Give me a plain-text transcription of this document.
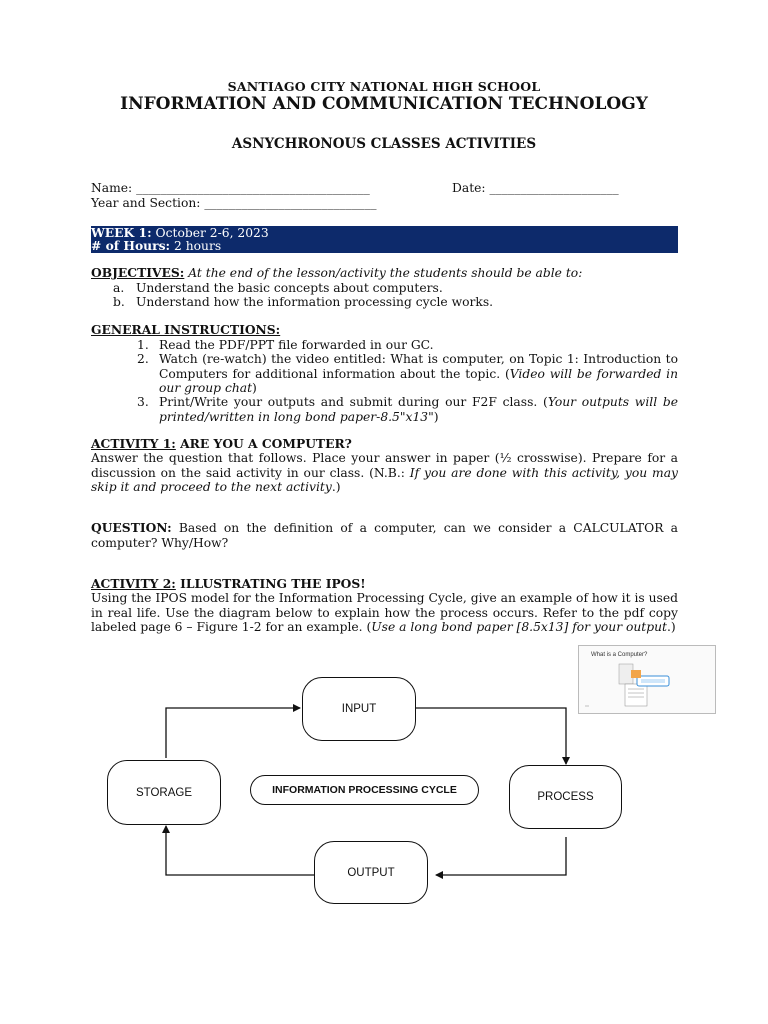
SANTIAGO CITY NATIONAL HIGH SCHOOL
INFORMATION AND COMMUNICATION TECHNOLOGY
ASNYCHRONOUS CLASSES ACTIVITIES
Name: ______________________________________	Date: _____________________
Year and Section: ____________________________
WEEK 1: October 2-6, 2023
# of Hours: 2 hours
OBJECTIVES: At the end of the lesson/activity the students should be able to:
a. Understand the basic concepts about computers.
b. Understand how the information processing cycle works.
GENERAL INSTRUCTIONS:
1. Read the PDF/PPT file forwarded in our GC.
2. Watch (re-watch) the video entitled: What is computer, on Topic 1: Introduction to Computers for additional information about the topic. (Video will be forwarded in our group chat)
3. Print/Write your outputs and submit during our F2F class. (Your outputs will be printed/written in long bond paper-8.5"x13")
ACTIVITY 1: ARE YOU A COMPUTER?
Answer the question that follows. Place your answer in paper (½ crosswise). Prepare for a discussion on the said activity in our class. (N.B.: If you are done with this activity, you may skip it and proceed to the next activity.)
QUESTION: Based on the definition of a computer, can we consider a CALCULATOR a computer? Why/How?
ACTIVITY 2: ILLUSTRATING THE IPOS!
Using the IPOS model for the Information Processing Cycle, give an example of how it is used in real life. Use the diagram below to explain how the process occurs. Refer to the pdf copy labeled page 6 – Figure 1-2 for an example. (Use a long bond paper [8.5x13] for your output.)
What is a Computer?
INPUT
PROCESS
OUTPUT
STORAGE	INFORMATION PROCESSING CYCLE
